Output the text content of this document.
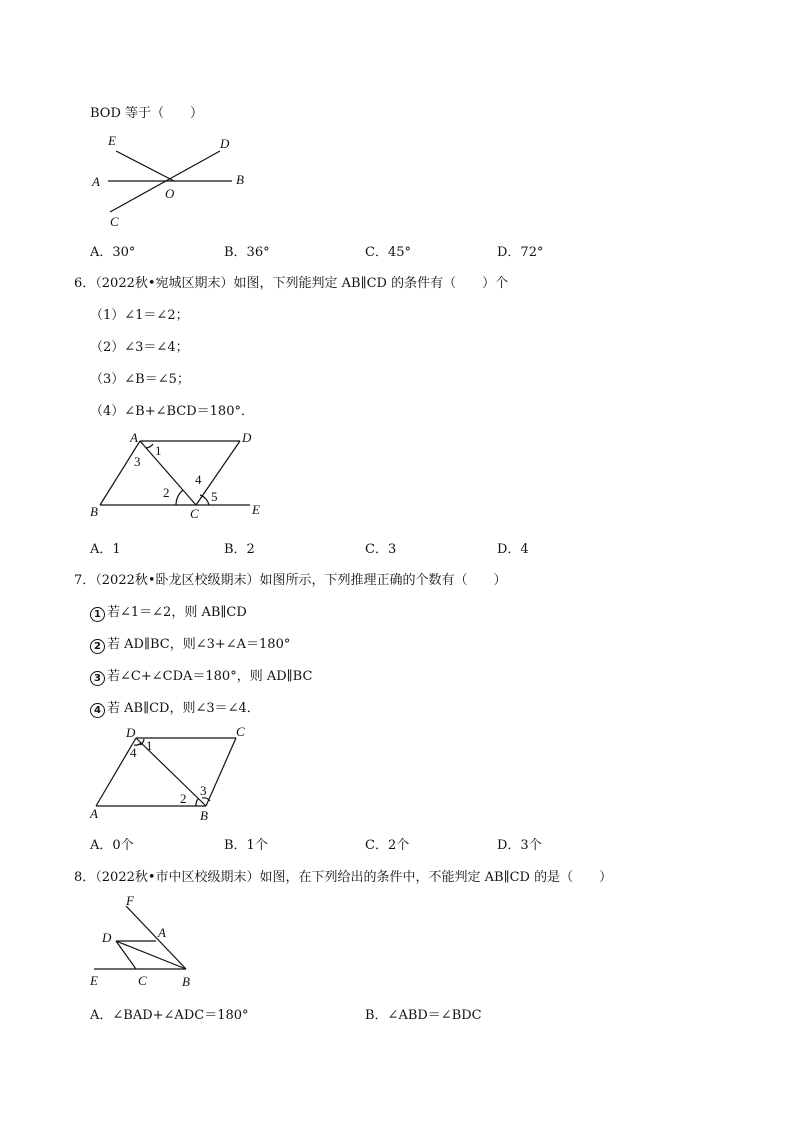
BOD 等于（　　）
E	D
A	B
O
C
A．30°	B．36°	C．45°	D．72°
6．（2022秋•宛城区期末）如图，下列能判定 AB∥CD 的条件有（　　）个
（1）∠1＝∠2；
（2）∠3＝∠4；
（3）∠B＝∠5；
（4）∠B+∠BCD＝180°．
A	D
B	C	E
1
3
2
4
5
A．1	B．2	C．3	D．4
7．（2022秋•卧龙区校级期末）如图所示，下列推理正确的个数有（　　）
1 若∠1＝∠2，则 AB∥CD
2 若 AD∥BC，则∠3+∠A＝180°
3 若∠C+∠CDA＝180°，则 AD∥BC
4 若 AB∥CD，则∠3＝∠4．
D	C
A	B
1
4
2
3
A．0个	B．1个	C．2个	D．3个
8．（2022秋•市中区校级期末）如图，在下列给出的条件中，不能判定 AB∥CD 的是（　　）
F
A
D
E	C	B
A．∠BAD+∠ADC＝180°	B．∠ABD＝∠BDC
